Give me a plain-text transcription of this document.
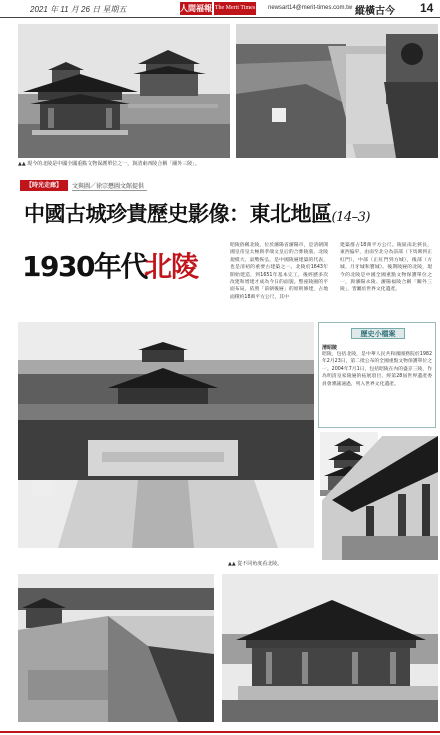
2021 年 11 月 26 日 星期五	人間福報 The Merit Times newsart14@merit-times.com.tw 縱橫古今 14
▲▲ 現今的北陵是中國全國重點文物保護單位之一，與清東西陵合稱「關外三陵」。
【時光走廊】	文與圖／徐宗懋圖文館提供
中國古城珍貴歷史影像：東北地區(14–3)
1930年代
北陵
昭陵俗稱北陵，位於瀋陽省瀋陽市，是清朝開國皇帝皇太極與孝端文皇后的合葬陵墓，北陵規模大，氣勢恢弘，是中國陵寢建築的代表，也是清初的重要古建築之一。北陵於1643年開始建造，到1651年基本完工，後經歷多次改建和增建才成為今日的面貌。整座陵園的平面布局，依照「前朝後寢」的原則修建，占地面積約18萬平方公尺，其中
建築群占18萬平方公尺。陵區南北狹長，東西偏窄，由南至北分為前部（下馬碑到正紅門），中部（正紅門到方城），後部（方城、月牙城和寶城）。後期陵寢的北陵，現今的北陵是中國全國重點文物保護單位之一，與瀋陽永陵、瀋陽福陵合稱「關外三陵」，皆屬於世界文化遺產。
歷史小檔案
清昭陵
昭陵，包括北陵，是中華人民共和國國務院於1982年2月23日，第二批公布的全國重點文物保護單位之一。2004年7月1日，包括昭陵在內的盛京三陵，作為明清皇家陵寢的拓展項目，經第28屆世界遺產委員會審議通過，列入世界文化遺產。
▲▲ 從不同角度看北陵。
